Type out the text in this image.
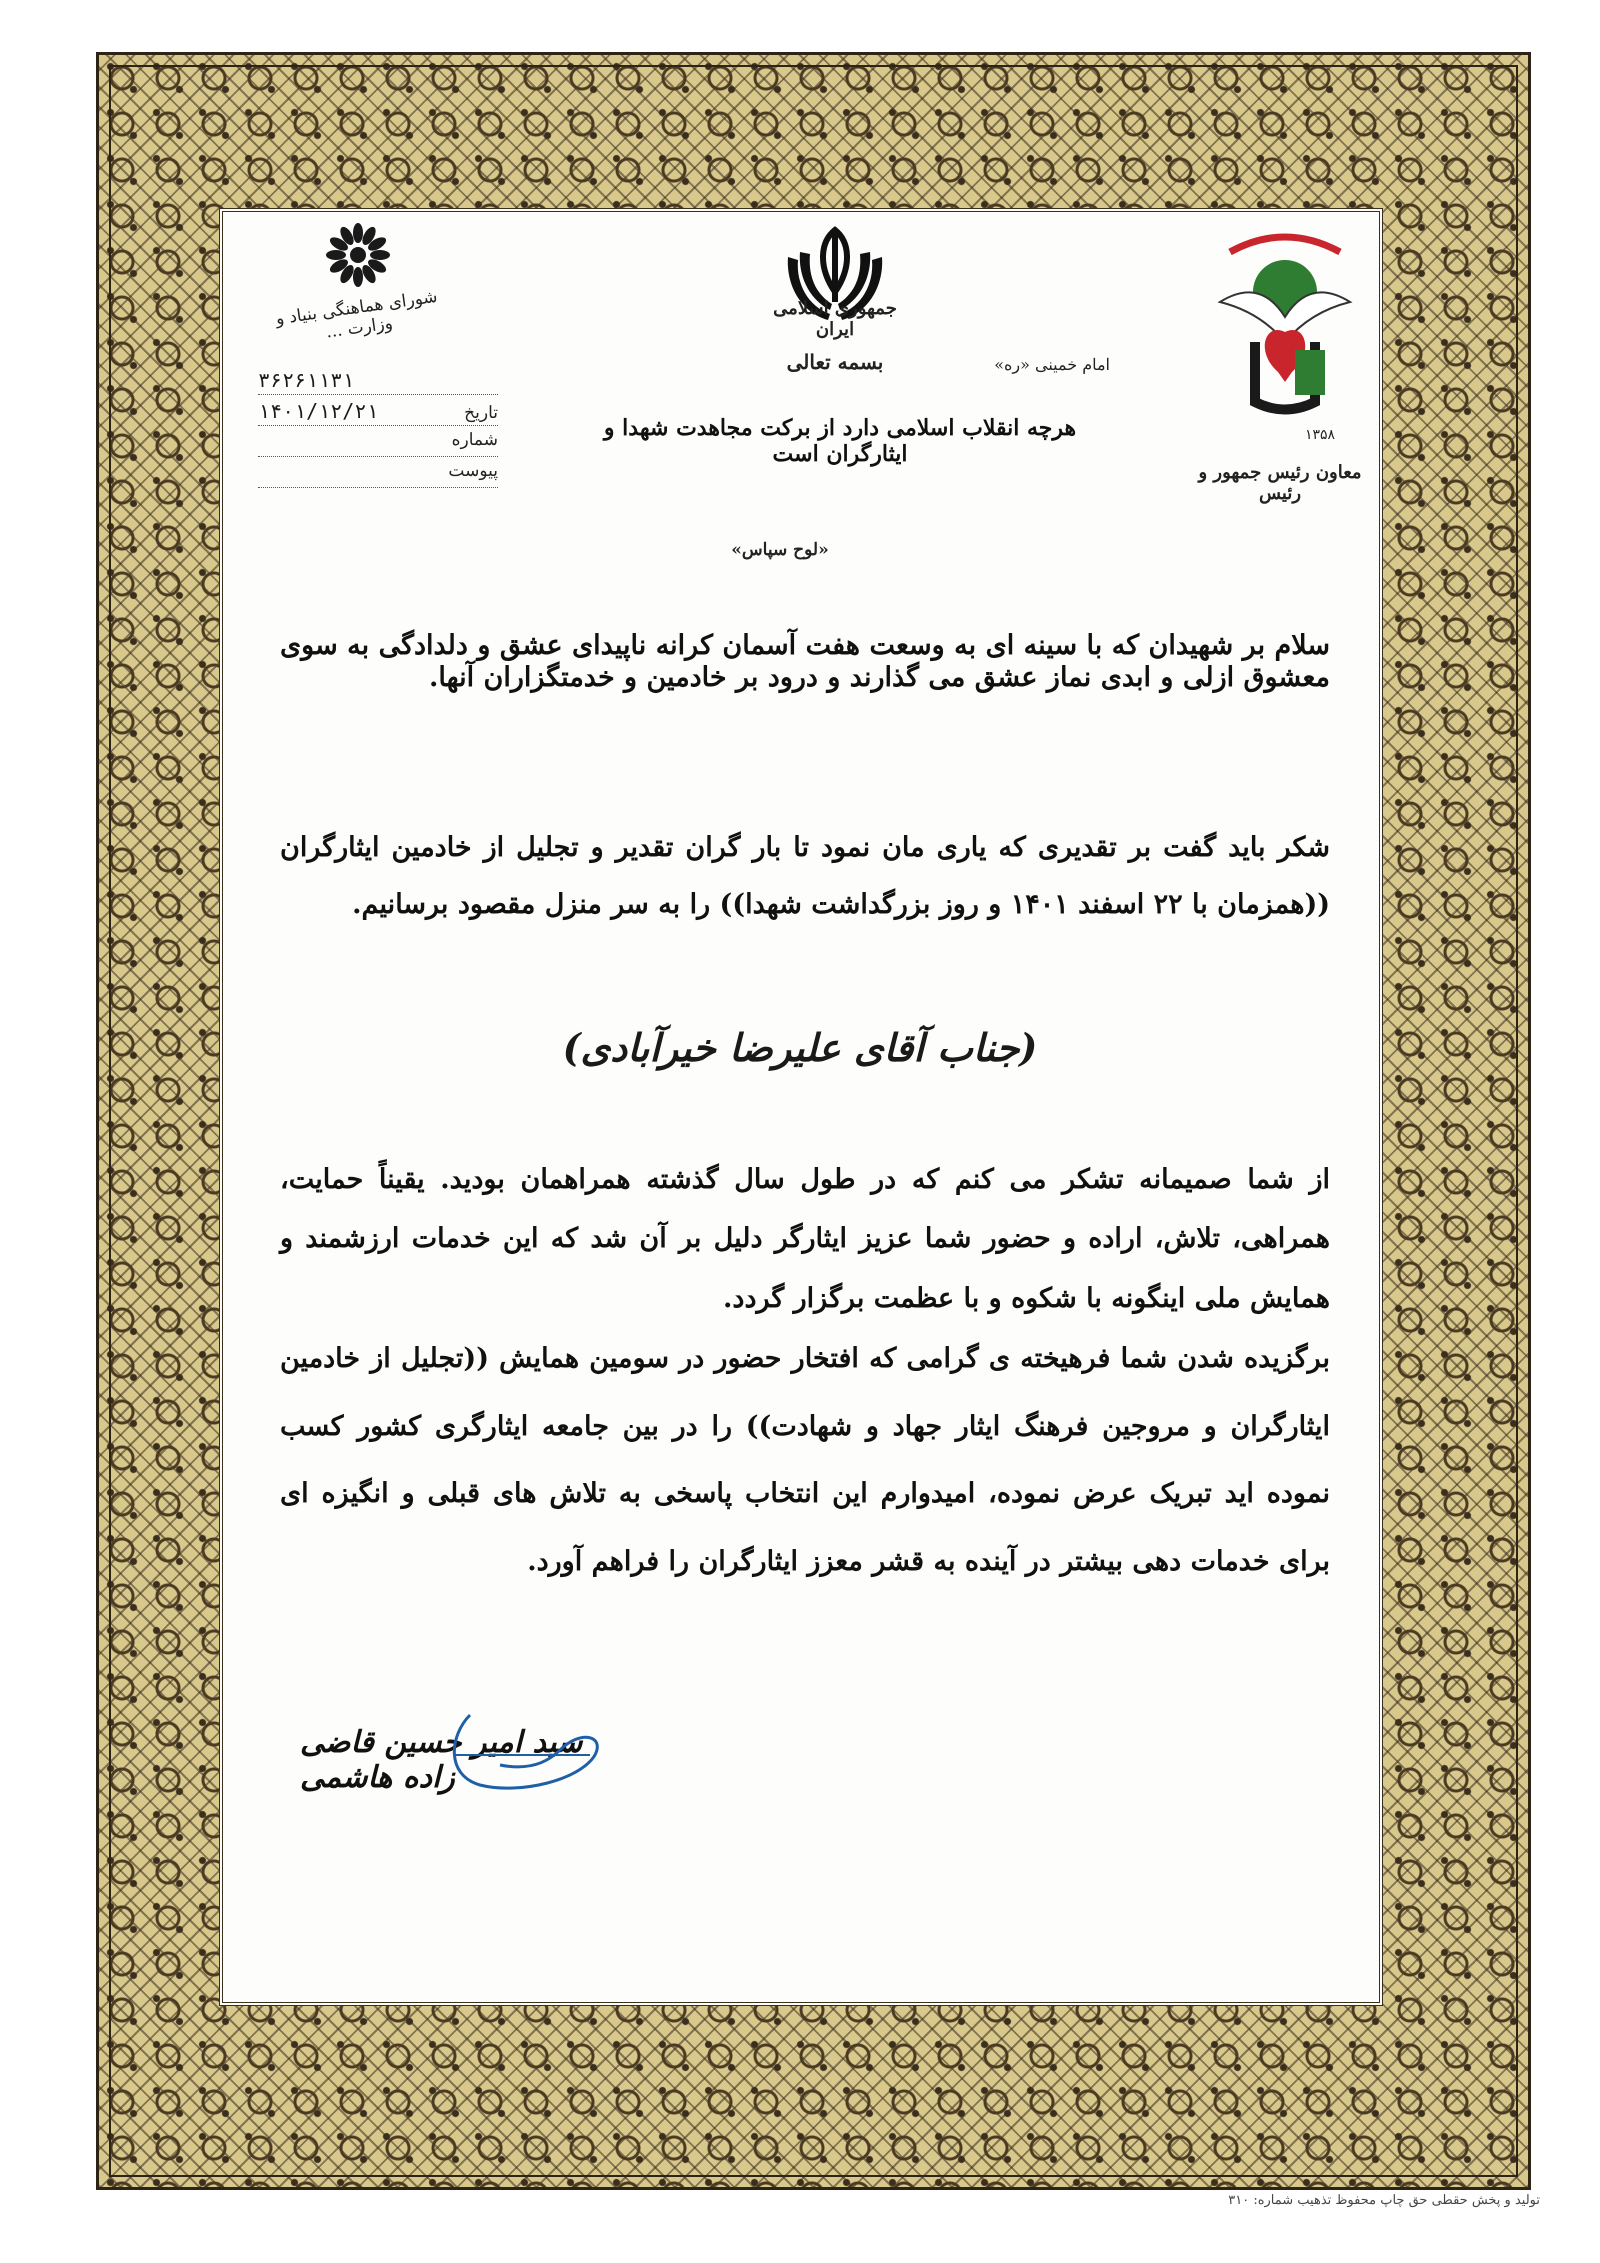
شورای هماهنگی بنیاد و وزارت ...
۳۶۲۶۱۱۳۱
تاریخ
۱۴۰۱/۱۲/۲۱
شماره
پیوست
جمهوری اسلامی ایران
بسمه تعالی
۱۳۵۸
معاون رئیس جمهور و رئیس
امام خمینی «ره»
هرچه انقلاب اسلامی دارد از برکت مجاهدت شهدا و ایثارگران است
«لوح سپاس»

سلام بر شهیدان که با سینه ای به وسعت هفت آسمان کرانه ناپیدای عشق و دلدادگی به سوی معشوق ازلی و ابدی نماز عشق می گذارند و درود بر خادمین و خدمتگزاران آنها.

شکر باید گفت بر تقدیری که یاری مان نمود تا بار گران تقدیر و تجلیل از خادمین ایثارگران ((همزمان با ۲۲ اسفند ۱۴۰۱ و روز بزرگداشت شهدا)) را به سر منزل مقصود برسانیم.

(جناب آقای علیرضا خیرآبادی)

از شما صمیمانه تشکر می کنم که در طول سال گذشته همراهمان بودید. یقیناً حمایت، همراهی، تلاش، اراده و حضور شما عزیز ایثارگر دلیل بر آن شد که این خدمات ارزشمند و همایش ملی اینگونه با شکوه و با عظمت برگزار گردد.

برگزیده شدن شما فرهیخته ی گرامی که افتخار حضور در سومین همایش ((تجلیل از خادمین ایثارگران و مروجین فرهنگ ایثار جهاد و شهادت)) را در بین جامعه ایثارگری کشور کسب نموده اید تبریک عرض نموده، امیدوارم این انتخاب پاسخی به تلاش های قبلی و انگیزه ای برای خدمات دهی بیشتر در آینده به قشر معزز ایثارگران را فراهم آورد.

سید امیر حسین قاضی زاده هاشمی
تولید و پخش حقطی حق چاپ محفوظ تذهیب شماره: ۳۱۰
